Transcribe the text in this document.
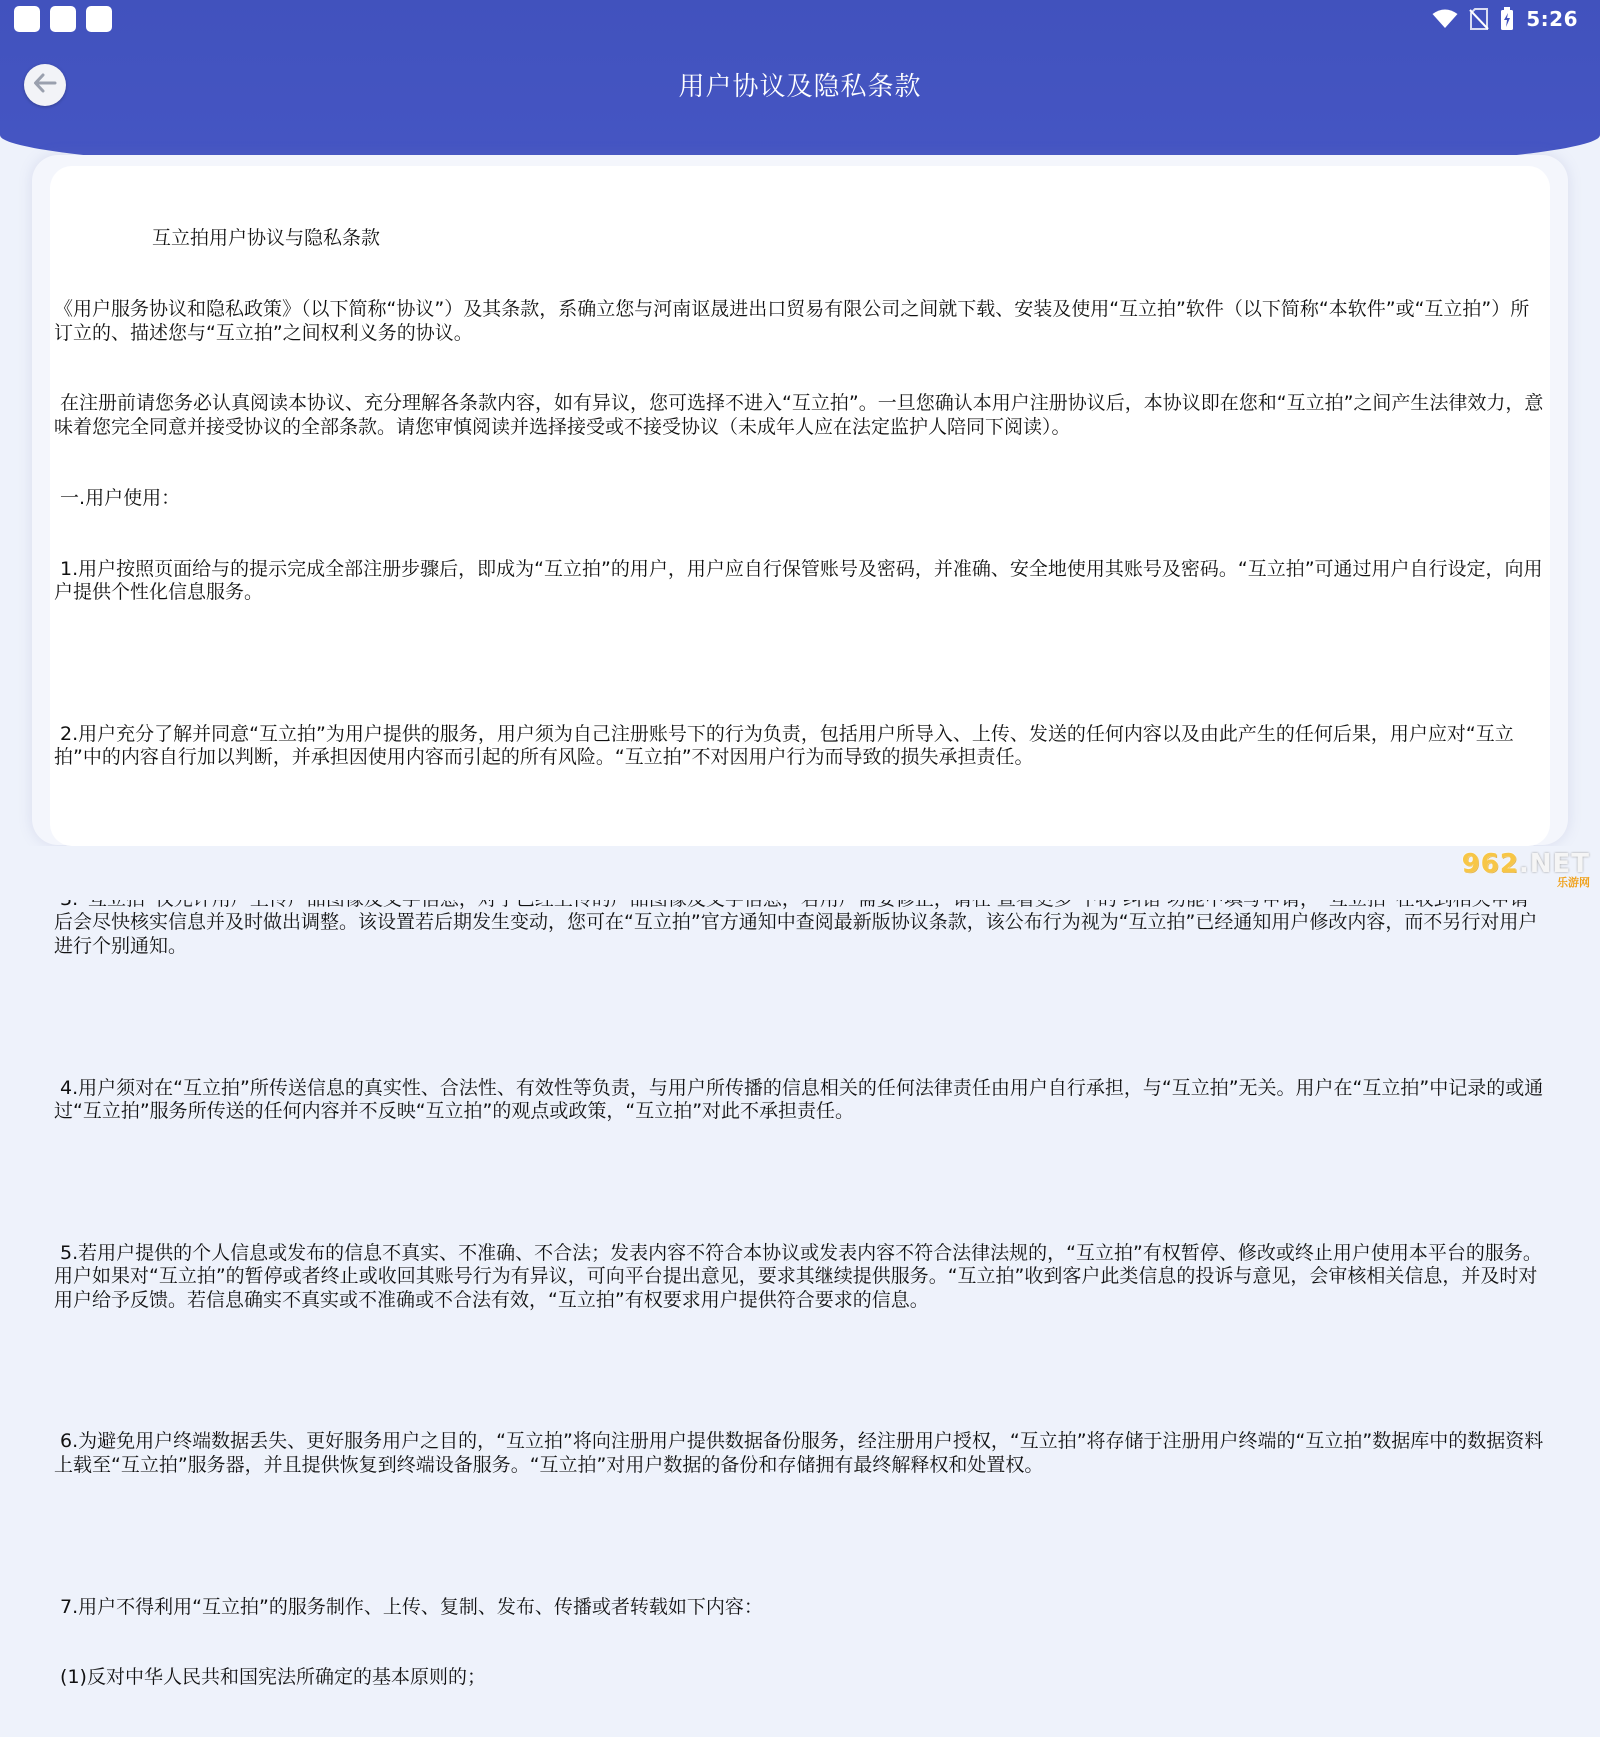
5:26
用户协议及隐私条款

互立拍用户协议与隐私条款

《用户服务协议和隐私政策》（以下简称“协议”）及其条款，系确立您与河南讴晟进出口贸易有限公司之间就下载、安装及使用“互立拍”软件（以下简称“本软件”或“互立拍”）所订立的、描述您与“互立拍”之间权利义务的协议。

在注册前请您务必认真阅读本协议、充分理解各条款内容，如有异议，您可选择不进入“互立拍”。一旦您确认本用户注册协议后，本协议即在您和“互立拍”之间产生法律效力，意味着您完全同意并接受协议的全部条款。请您审慎阅读并选择接受或不接受协议（未成年人应在法定监护人陪同下阅读）。

一.用户使用：

1.用户按照页面给与的提示完成全部注册步骤后，即成为“互立拍”的用户，用户应自行保管账号及密码，并准确、安全地使用其账号及密码。“互立拍”可通过用户自行设定，向用户提供个性化信息服务。

2.用户充分了解并同意“互立拍”为用户提供的服务，用户须为自己注册账号下的行为负责，包括用户所导入、上传、发送的任何内容以及由此产生的任何后果，用户应对“互立拍”中的内容自行加以判断，并承担因使用内容而引起的所有风险。“互立拍”不对因用户行为而导致的损失承担责任。

后会尽快核实信息并及时做出调整。该设置若后期发生变动，您可在“互立拍”官方通知中查阅最新版协议条款，该公布行为视为“互立拍”已经通知用户修改内容，而不另行对用户进行个别通知。

4.用户须对在“互立拍”所传送信息的真实性、合法性、有效性等负责，与用户所传播的信息相关的任何法律责任由用户自行承担，与“互立拍”无关。用户在“互立拍”中记录的或通过“互立拍”服务所传送的任何内容并不反映“互立拍”的观点或政策，“互立拍”对此不承担责任。

5.若用户提供的个人信息或发布的信息不真实、不准确、不合法；发表内容不符合本协议或发表内容不符合法律法规的，“互立拍”有权暂停、修改或终止用户使用本平台的服务。用户如果对“互立拍”的暂停或者终止或收回其账号行为有异议，可向平台提出意见，要求其继续提供服务。“互立拍”收到客户此类信息的投诉与意见，会审核相关信息，并及时对用户给予反馈。若信息确实不真实或不准确或不合法有效，“互立拍”有权要求用户提供符合要求的信息。

6.为避免用户终端数据丢失、更好服务用户之目的，“互立拍”将向注册用户提供数据备份服务，经注册用户授权，“互立拍”将存储于注册用户终端的“互立拍”数据库中的数据资料上载至“互立拍”服务器，并且提供恢复到终端设备服务。“互立拍”对用户数据的备份和存储拥有最终解释权和处置权。

7.用户不得利用“互立拍”的服务制作、上传、复制、发布、传播或者转载如下内容：

(1)反对中华人民共和国宪法所确定的基本原则的；

962.NET
乐游网
